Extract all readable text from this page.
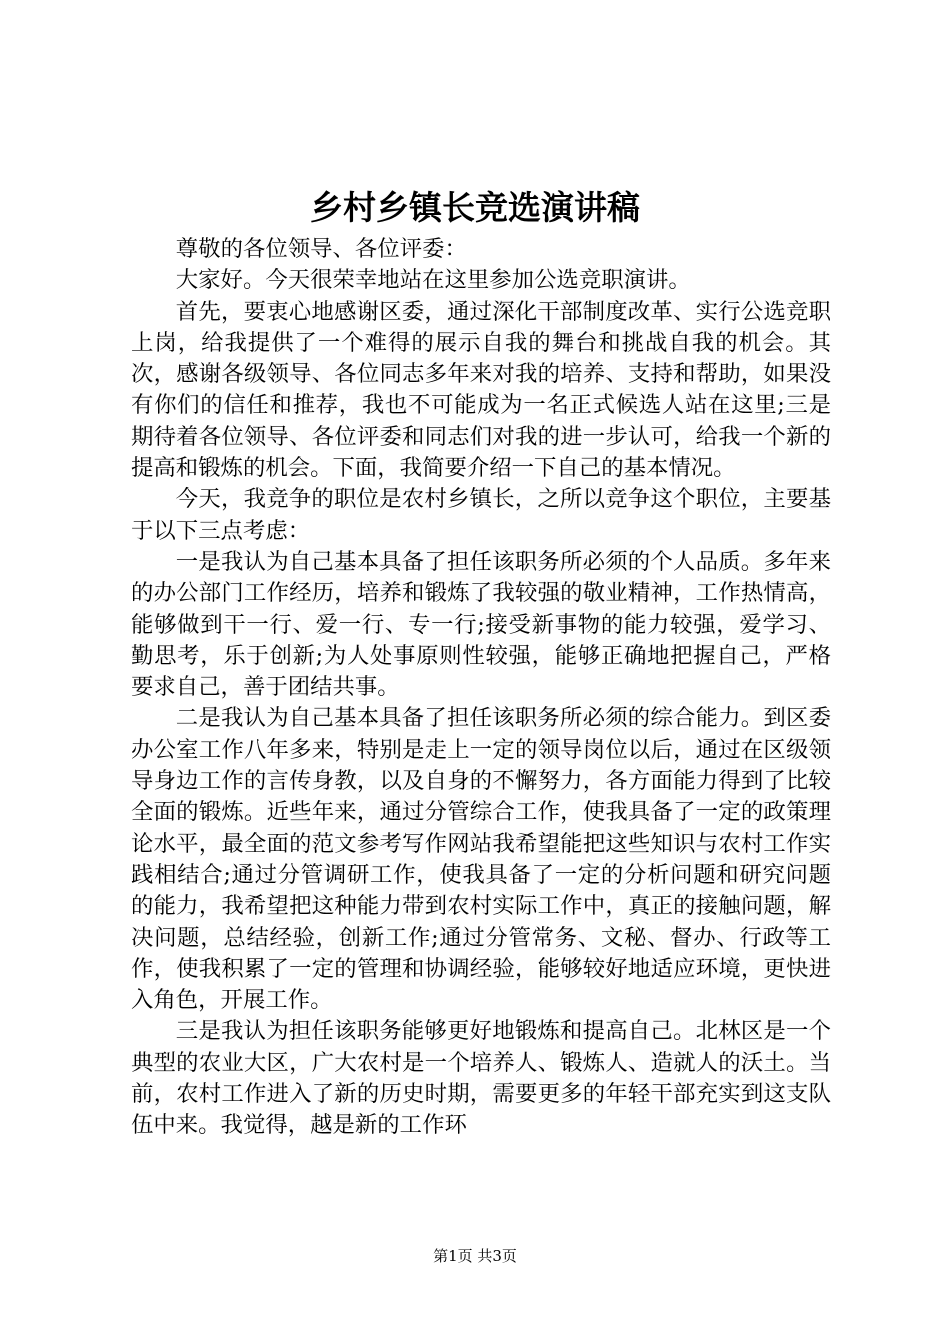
乡村乡镇长竞选演讲稿

尊敬的各位领导、各位评委：

大家好。今天很荣幸地站在这里参加公选竞职演讲。

首先，要衷心地感谢区委，通过深化干部制度改革、实行公选竞职上岗，给我提供了一个难得的展示自我的舞台和挑战自我的机会。其次，感谢各级领导、各位同志多年来对我的培养、支持和帮助，如果没有你们的信任和推荐，我也不可能成为一名正式候选人站在这里;三是期待着各位领导、各位评委和同志们对我的进一步认可，给我一个新的提高和锻炼的机会。下面，我简要介绍一下自己的基本情况。

今天，我竞争的职位是农村乡镇长，之所以竞争这个职位，主要基于以下三点考虑：

一是我认为自己基本具备了担任该职务所必须的个人品质。多年来的办公部门工作经历，培养和锻炼了我较强的敬业精神，工作热情高，能够做到干一行、爱一行、专一行;接受新事物的能力较强，爱学习、勤思考，乐于创新;为人处事原则性较强，能够正确地把握自己，严格要求自己，善于团结共事。

二是我认为自己基本具备了担任该职务所必须的综合能力。到区委办公室工作八年多来，特别是走上一定的领导岗位以后，通过在区级领导身边工作的言传身教，以及自身的不懈努力，各方面能力得到了比较全面的锻炼。近些年来，通过分管综合工作，使我具备了一定的政策理论水平，最全面的范文参考写作网站我希望能把这些知识与农村工作实践相结合;通过分管调研工作，使我具备了一定的分析问题和研究问题的能力，我希望把这种能力带到农村实际工作中，真正的接触问题，解决问题，总结经验，创新工作;通过分管常务、文秘、督办、行政等工作，使我积累了一定的管理和协调经验，能够较好地适应环境，更快进入角色，开展工作。

三是我认为担任该职务能够更好地锻炼和提高自己。北林区是一个典型的农业大区，广大农村是一个培养人、锻炼人、造就人的沃土。当前，农村工作进入了新的历史时期，需要更多的年轻干部充实到这支队伍中来。我觉得，越是新的工作环

第1页 共3页
